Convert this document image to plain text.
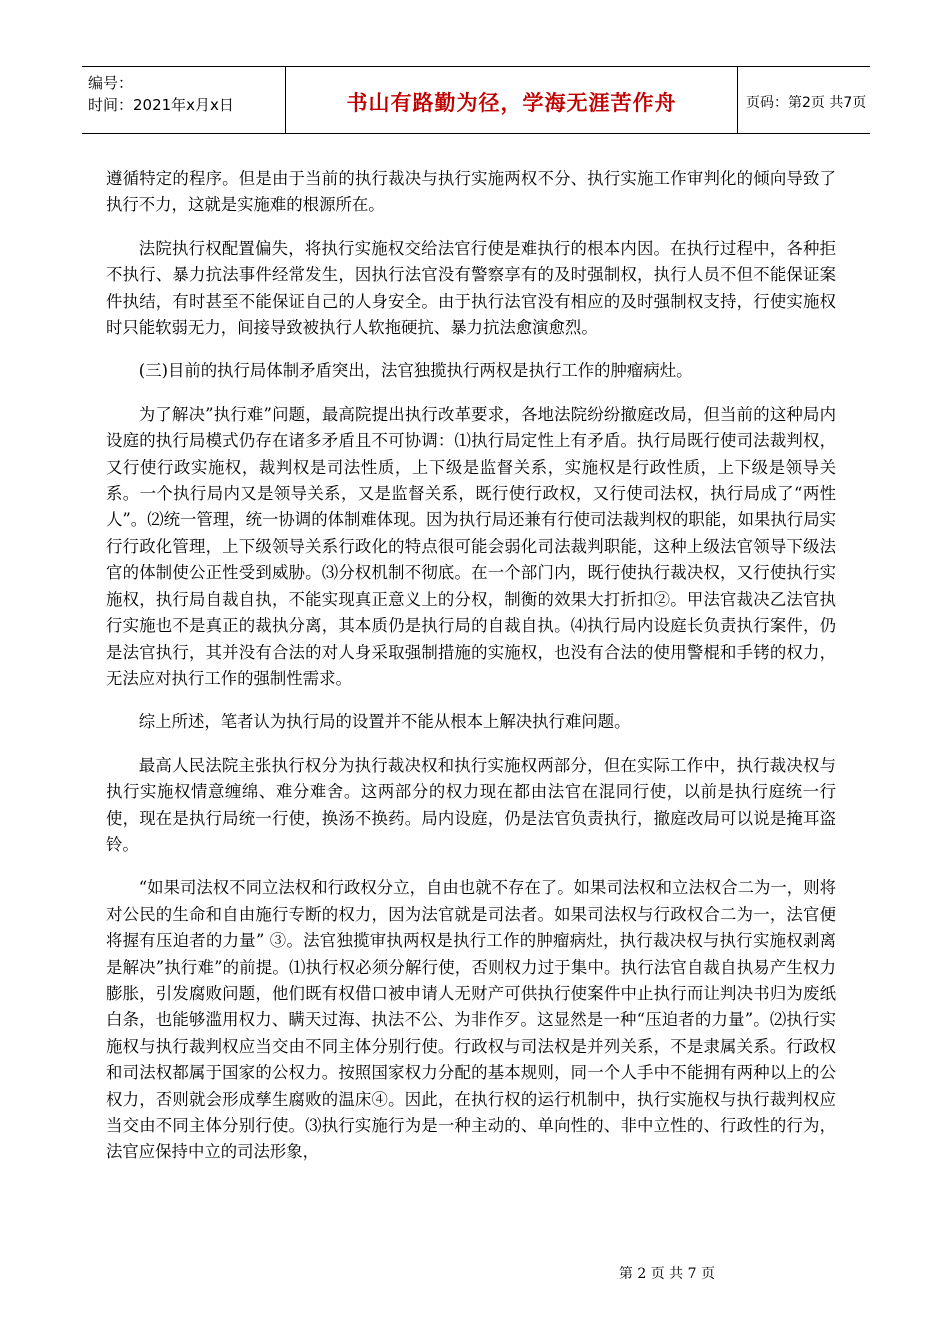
编号：
时间：2021年x月x日	书山有路勤为径，学海无涯苦作舟	页码：第2页 共7页

遵循特定的程序。但是由于当前的执行裁决与执行实施两权不分、执行实施工作审判化的倾向导致了执行不力，这就是实施难的根源所在。

法院执行权配置偏失，将执行实施权交给法官行使是难执行的根本内因。在执行过程中，各种拒不执行、暴力抗法事件经常发生，因执行法官没有警察享有的及时强制权，执行人员不但不能保证案件执结，有时甚至不能保证自己的人身安全。由于执行法官没有相应的及时强制权支持，行使实施权时只能软弱无力，间接导致被执行人软拖硬抗、暴力抗法愈演愈烈。

(三)目前的执行局体制矛盾突出，法官独揽执行两权是执行工作的肿瘤病灶。

为了解决”执行难”问题，最高院提出执行改革要求，各地法院纷纷撤庭改局，但当前的这种局内设庭的执行局模式仍存在诸多矛盾且不可协调：⑴执行局定性上有矛盾。执行局既行使司法裁判权，又行使行政实施权，裁判权是司法性质，上下级是监督关系，实施权是行政性质，上下级是领导关系。一个执行局内又是领导关系，又是监督关系，既行使行政权，又行使司法权，执行局成了“两性人”。⑵统一管理，统一协调的体制难体现。因为执行局还兼有行使司法裁判权的职能，如果执行局实行行政化管理，上下级领导关系行政化的特点很可能会弱化司法裁判职能，这种上级法官领导下级法官的体制使公正性受到威胁。⑶分权机制不彻底。在一个部门内，既行使执行裁决权，又行使执行实施权，执行局自裁自执，不能实现真正意义上的分权，制衡的效果大打折扣②。甲法官裁决乙法官执行实施也不是真正的裁执分离，其本质仍是执行局的自裁自执。⑷执行局内设庭长负责执行案件，仍是法官执行，其并没有合法的对人身采取强制措施的实施权，也没有合法的使用警棍和手铐的权力，无法应对执行工作的强制性需求。

综上所述，笔者认为执行局的设置并不能从根本上解决执行难问题。

最高人民法院主张执行权分为执行裁决权和执行实施权两部分，但在实际工作中，执行裁决权与执行实施权情意缠绵、难分难舍。这两部分的权力现在都由法官在混同行使，以前是执行庭统一行使，现在是执行局统一行使，换汤不换药。局内设庭，仍是法官负责执行，撤庭改局可以说是掩耳盗铃。

“如果司法权不同立法权和行政权分立，自由也就不存在了。如果司法权和立法权合二为一，则将对公民的生命和自由施行专断的权力，因为法官就是司法者。如果司法权与行政权合二为一，法官便将握有压迫者的力量” ③。法官独揽审执两权是执行工作的肿瘤病灶，执行裁决权与执行实施权剥离是解决”执行难”的前提。⑴执行权必须分解行使，否则权力过于集中。执行法官自裁自执易产生权力膨胀，引发腐败问题，他们既有权借口被申请人无财产可供执行使案件中止执行而让判决书归为废纸白条，也能够滥用权力、瞒天过海、执法不公、为非作歹。这显然是一种“压迫者的力量”。⑵执行实施权与执行裁判权应当交由不同主体分别行使。行政权与司法权是并列关系，不是隶属关系。行政权和司法权都属于国家的公权力。按照国家权力分配的基本规则，同一个人手中不能拥有两种以上的公权力，否则就会形成孳生腐败的温床④。因此，在执行权的运行机制中，执行实施权与执行裁判权应当交由不同主体分别行使。⑶执行实施行为是一种主动的、单向性的、非中立性的、行政性的行为，法官应保持中立的司法形象，

第 2 页 共 7 页
